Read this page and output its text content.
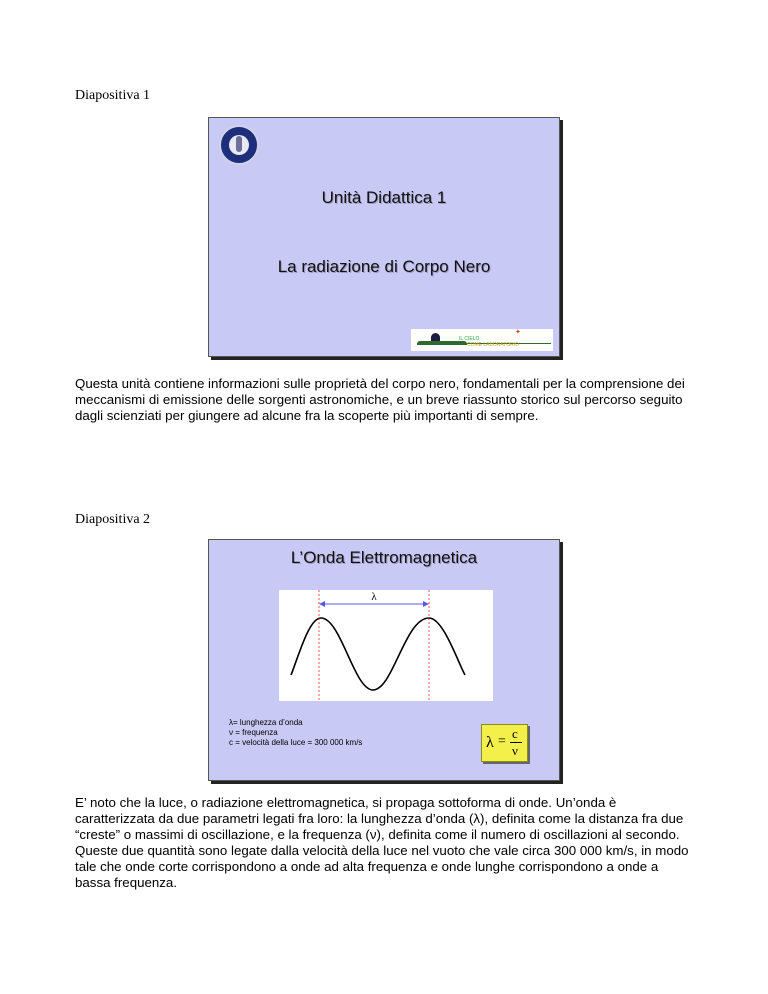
Diapositiva 1
Unità Didattica 1
La radiazione di Corpo Nero
✦
IL CIELO
COME LABORATORIO
Questa unità contiene informazioni sulle proprietà del corpo nero, fondamentali per la comprensione dei meccanismi di emissione delle sorgenti astronomiche, e un breve riassunto storico sul percorso seguito dagli scienziati per giungere ad alcune fra la scoperte più importanti di sempre.
Diapositiva 2
L’Onda Elettromagnetica
λ
λ= lunghezza d’onda
ν = frequenza
c = velocità della luce = 300 000 km/s	λ =
c
ν
E’ noto che la luce, o radiazione elettromagnetica, si propaga sottoforma di onde. Un’onda è caratterizzata da due parametri legati fra loro: la lunghezza d’onda (λ), definita come la distanza fra due “creste” o massimi di oscillazione, e la frequenza (ν), definita come il numero di oscillazioni al secondo. Queste due quantità sono legate dalla velocità della luce nel vuoto che vale circa 300 000 km/s, in modo tale che onde corte corrispondono a onde ad alta frequenza e onde lunghe corrispondono a onde a bassa frequenza.
